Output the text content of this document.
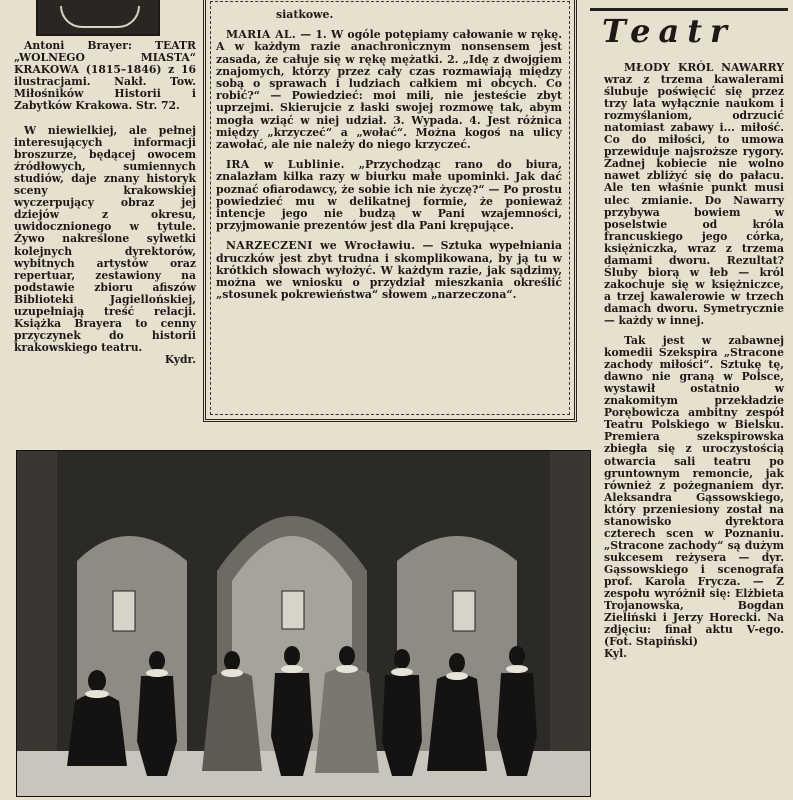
Antoni Brayer: TEATR „WOLNEGO MIASTA“ KRAKOWA (1815–1846) z 16 ilustracjami. Nakł. Tow. Miłośników Historii i Zabytków Krakowa. Str. 72.

W niewielkiej, ale pełnej interesujących informacji broszurze, będącej owocem źródłowych, sumiennych studiów, daje znany historyk sceny krakowskiej wyczerpujący obraz jej dziejów z okresu, uwidocznionego w tytule. Żywo nakreślone sylwetki kolejnych dyrektorów, wybitnych artystów oraz repertuar, zestawiony na podstawie zbioru afiszów Biblioteki Jagiellońskiej, uzupełniają treść relacji. Książka Brayera to cenny przyczynek do historii krakowskiego teatru.

Kydr.

siatkowe.

MARIA AL. — 1. W ogóle potępiamy całowanie w rękę. A w każdym razie anachronicznym nonsensem jest zasada, że całuje się w rękę mężatki. 2. „Idę z dwojgiem znajomych, którzy przez cały czas rozmawiają między sobą o sprawach i ludziach całkiem mi obcych. Co robić?“ — Powiedzieć: moi mili, nie jesteście zbyt uprzejmi. Skierujcie z łaski swojej rozmowę tak, abym mogła wziąć w niej udział. 3. Wypada. 4. Jest różnica między „krzyczeć“ a „wołać“. Można kogoś na ulicy zawołać, ale nie należy do niego krzyczeć.

IRA w Lublinie. „Przychodząc rano do biura, znalazłam kilka razy w biurku małe upominki. Jak dać poznać ofiarodawcy, że sobie ich nie życzę?“ — Po prostu powiedzieć mu w delikatnej formie, że ponieważ intencje jego nie budzą w Pani wzajemności, przyjmowanie prezentów jest dla Pani krępujące.

NARZECZENI we Wrocławiu. — Sztuka wypełniania druczków jest zbyt trudna i skomplikowana, by ją tu w krótkich słowach wyłożyć. W każdym razie, jak sądzimy, można we wniosku o przydział mieszkania określić „stosunek pokrewieństwa“ słowem „narzeczona“.

Teatr

MŁODY KRÓL NAWARRY wraz z trzema kawalerami ślubuje poświęcić się przez trzy lata wyłącznie naukom i rozmyślaniom, odrzucić natomiast zabawy i... miłość. Co do miłości, to umowa przewiduje najsroższe rygory. Żadnej kobiecie nie wolno nawet zbliżyć się do pałacu. Ale ten właśnie punkt musi ulec zmianie. Do Nawarry przybywa bowiem w poselstwie od króla francuskiego jego córka, księżniczka, wraz z trzema damami dworu. Rezultat? Śluby biorą w łeb — król zakochuje się w księżniczce, a trzej kawalerowie w trzech damach dworu. Symetrycznie — każdy w innej.

Tak jest w zabawnej komedii Szekspira „Stracone zachody miłości“. Sztukę tę, dawno nie graną w Polsce, wystawił ostatnio w znakomitym przekładzie Porębowicza ambitny zespół Teatru Polskiego w Bielsku. Premiera szekspirowska zbiegła się z uroczystością otwarcia sali teatru po gruntownym remoncie, jak również z pożegnaniem dyr. Aleksandra Gąssowskiego, który przeniesiony został na stanowisko dyrektora czterech scen w Poznaniu. „Stracone zachody“ są dużym sukcesem reżysera — dyr. Gąssowskiego i scenografa prof. Karola Frycza. — Z zespołu wyróżnił się: Elżbieta Trojanowska, Bogdan Zieliński i Jerzy Horecki. Na zdjęciu: finał aktu V-ego. (Fot. Stapiński)

Kyl.
